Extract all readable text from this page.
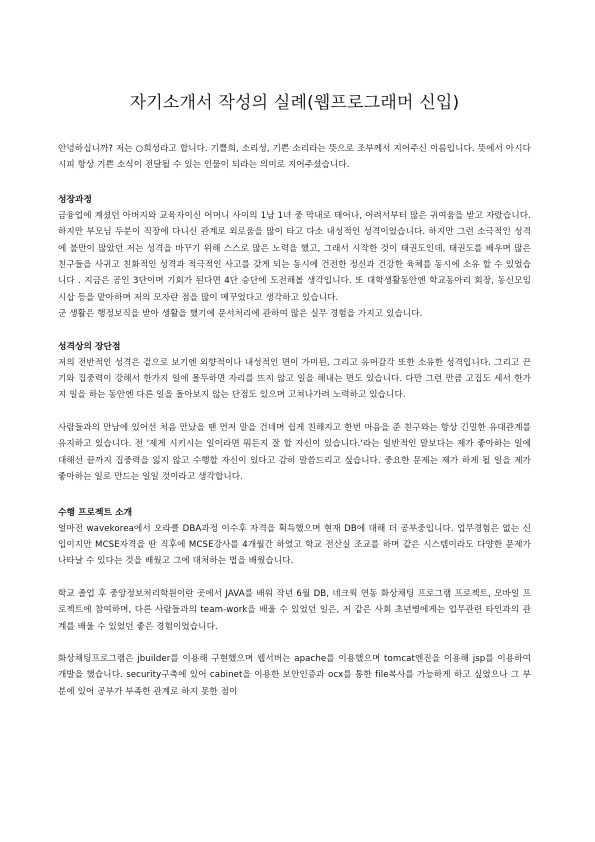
자기소개서 작성의 실례(웹프로그래머 신입)

안녕하십니까? 저는 ○희성라고 합니다. 기쁠희, 소리성, 기쁜 소리라는 뜻으로 조부께서 지어주신 이름입니다. 뜻에서 아시다시피 항상 기쁜 소식이 전달될 수 있는 인물이 되라는 의미로 지어주셨습니다.

성장과정

금융업에 계셨던 아버지와 교육자이신 어머니 사이의 1남 1녀 중 막내로 태어나, 어려서부터 많은 귀여움을 받고 자랐습니다. 하지만 부모님 두분이 직장에 다니신 관계로 외로움을 많이 타고 다소 내성적인 성격이었습니다. 하지만 그런 소극적인 성격에 불만이 많았던 저는 성격을 바꾸기 위해 스스로 많은 노력을 했고, 그래서 시작한 것이 태권도인데, 태권도를 배우며 많은 친구들을 사귀고 친화적인 성격과 적극적인 사고를 갖게 되는 동시에 건전한 정신과 건강한 육체를 동시에 소유 할 수 있었습니다 . 지금은 공인 3단이며 기회가 된다면 4단 승단에 도전해볼 생각입니다. 또 대학생활동안엔 학교동아리 회장, 동신모임 시삽 등을 맡아하며 저의 모자란 점을 많이 메꾸었다고 생각하고 있습니다.

군 생활은 행정보직을 받아 생활을 했기에 문서처리에 관하여 많은 실무 경험을 가지고 있습니다.

성격상의 장단점

저의 전반적인 성격은 겉으로 보기엔 외향적이나 내성적인 면이 가미된, 그리고 유머감각 또한 소유한 성격입니다. 그리고 끈기와 집중력이 강해서 한가지 일에 몰두하면 자리를 뜨지 않고 일을 해내는 면도 있습니다. 다만 그런 만큼 고집도 세서 한가지 일을 하는 동안엔 다른 일을 돌아보지 않는 단점도 있으며 고쳐나가려 노력하고 있습니다.

사람들과의 만남에 있어선 처음 만났을 땐 먼저 말을 건네며 쉽게 친해지고 한번 마음을 준 친구와는 항상 긴밀한 유대관계를 유지하고 있습니다. 전 '제게 시키시는 일이라면 뭐든지 잘 할 자신이 있습니다.'라는 일반적인 말보다는 제가 좋아하는 일에 대해선 끝까지 집중력을 잃지 않고 수행할 자신이 있다고 감히 말씀드리고 싶습니다. 중요한 문제는 제가 하게 될 일을 제가 좋아하는 일로 만드는 일일 것이라고 생각합니다.

수행 프로젝트 소개

얼마전 wavekorea에서 오라클 DBA과정 이수후 자격을 획득했으며 현재 DB에 대해 더 공부중입니다. 업무경험은 없는 신입이지만 MCSE자격을 딴 직후에 MCSE강사를 4개월간 하였고 학교 전산실 조교를 하며 같은 시스템이라도 다양한 문제가 나타날 수 있다는 것을 배웠고 그에 대처하는 법을 배웠습니다.

학교 졸업 후 중앙정보처리학원이란 곳에서 JAVA를 배워 작년 6월 DB, 네크웍 연동 화상채팅 프로그램 프로젝트, 모바일 프로젝트에 참여하며, 다른 사람들과의 team-work을 배울 수 있었던 일은, 저 같은 사회 초년병에게는 업무관련 타인과의 관계를 배울 수 있었던 좋은 경험이었습니다.

화상채팅프로그램은 jbuilder를 이용해 구현했으며 웹서버는 apache를 이용했으며 tomcat엔진을 이용해 jsp를 이용하여 개발을 했습니다. security구축에 있어 cabinet을 이용한 보안인증과 ocx를 통한 file복사를 가능하게 하고 싶었으나 그 부분에 있어 공부가 부족한 관계로 하지 못한 점이
